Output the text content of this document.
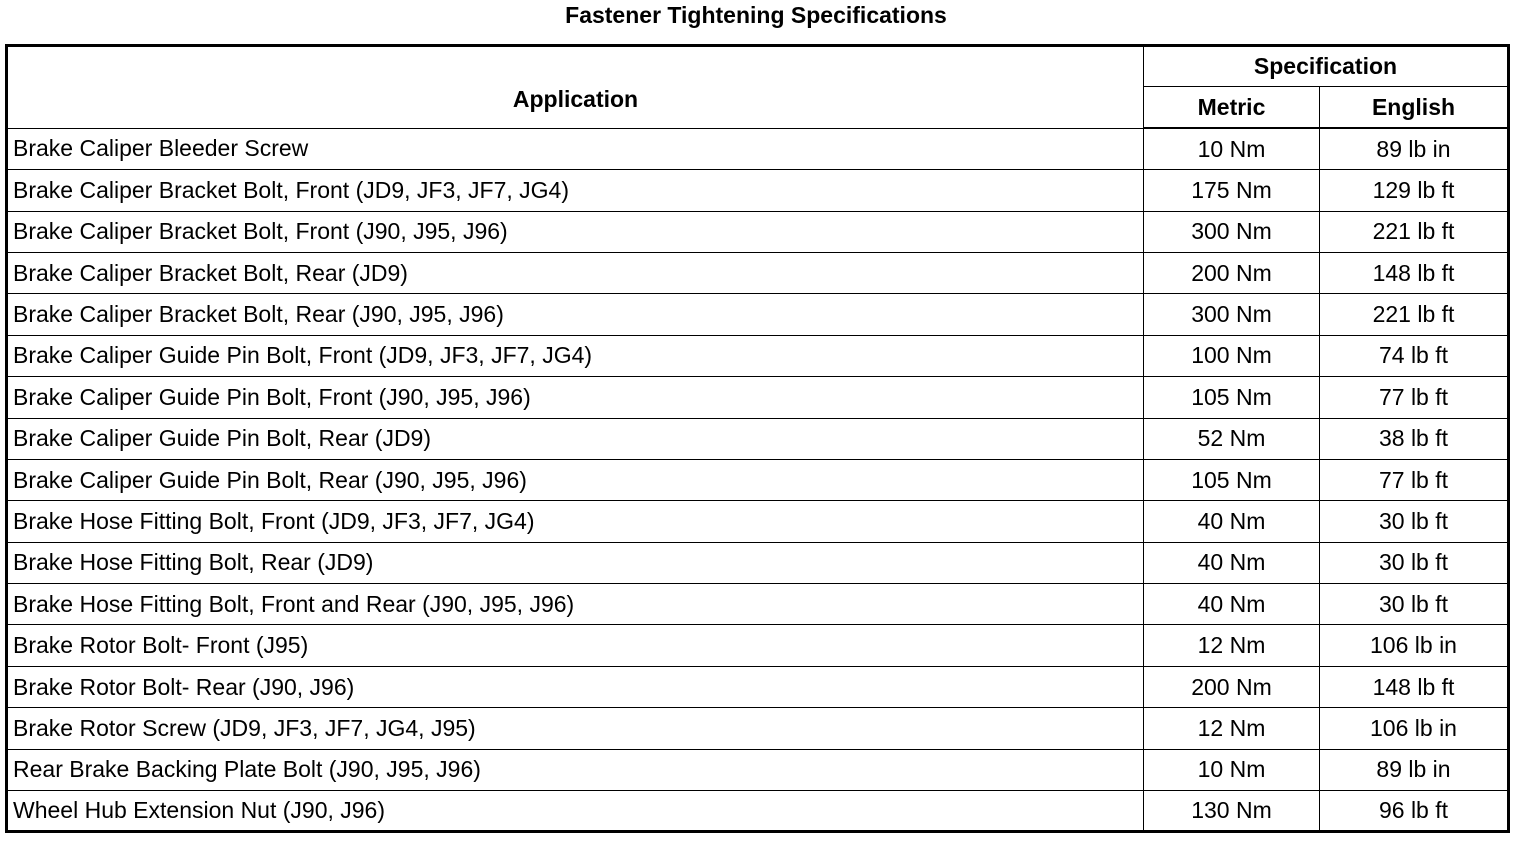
Fastener Tightening Specifications
Application	Specification	
	Metric	English
Brake Caliper Bleeder Screw	10 Nm	89 lb in
Brake Caliper Bracket Bolt, Front (JD9, JF3, JF7, JG4)	175 Nm	129 lb ft
Brake Caliper Bracket Bolt, Front (J90, J95, J96)	300 Nm	221 lb ft
Brake Caliper Bracket Bolt, Rear (JD9)	200 Nm	148 lb ft
Brake Caliper Bracket Bolt, Rear (J90, J95, J96)	300 Nm	221 lb ft
Brake Caliper Guide Pin Bolt, Front (JD9, JF3, JF7, JG4)	100 Nm	74 lb ft
Brake Caliper Guide Pin Bolt, Front (J90, J95, J96)	105 Nm	77 lb ft
Brake Caliper Guide Pin Bolt, Rear (JD9)	52 Nm	38 lb ft
Brake Caliper Guide Pin Bolt, Rear (J90, J95, J96)	105 Nm	77 lb ft
Brake Hose Fitting Bolt, Front (JD9, JF3, JF7, JG4)	40 Nm	30 lb ft
Brake Hose Fitting Bolt, Rear (JD9)	40 Nm	30 lb ft
Brake Hose Fitting Bolt, Front and Rear (J90, J95, J96)	40 Nm	30 lb ft
Brake Rotor Bolt- Front (J95)	12 Nm	106 lb in
Brake Rotor Bolt- Rear (J90, J96)	200 Nm	148 lb ft
Brake Rotor Screw (JD9, JF3, JF7, JG4, J95)	12 Nm	106 lb in
Rear Brake Backing Plate Bolt (J90, J95, J96)	10 Nm	89 lb in
Wheel Hub Extension Nut (J90, J96)	130 Nm	96 lb ft
